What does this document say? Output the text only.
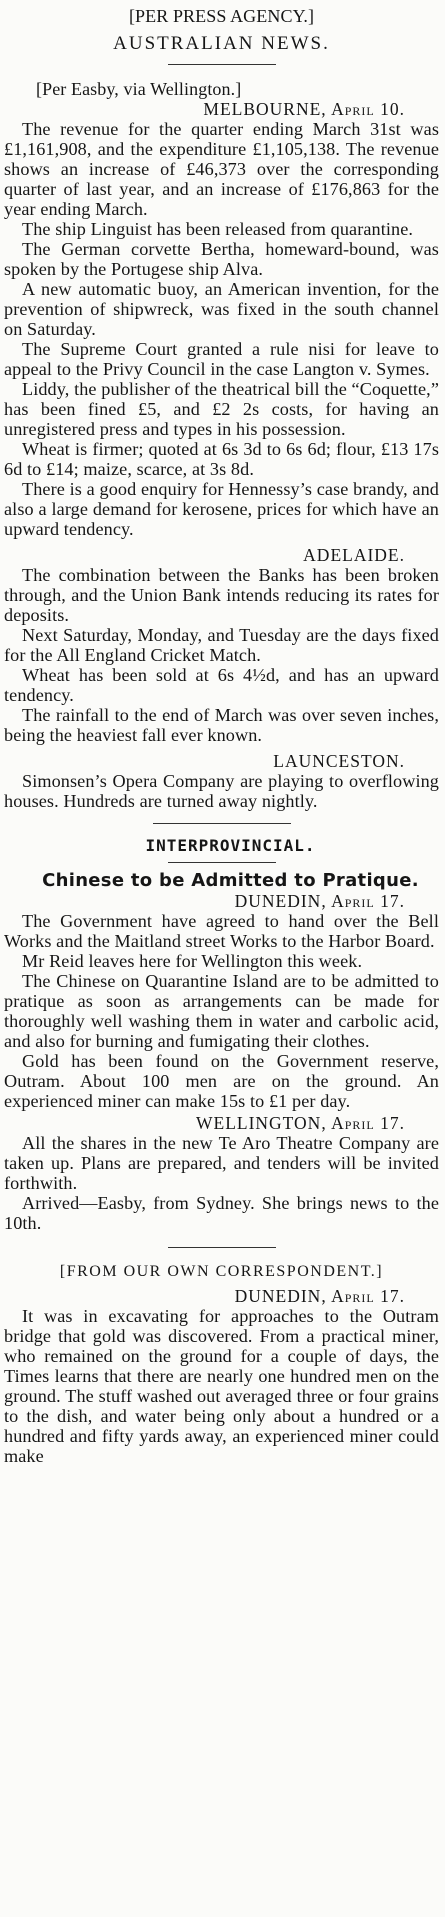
[PER PRESS AGENCY.]

AUSTRALIAN NEWS.

[Per Easby, via Wellington.]

MELBOURNE, April 10.

The revenue for the quarter ending March 31st was £1,161,908, and the expenditure £1,105,138. The revenue shows an increase of £46,373 over the corresponding quarter of last year, and an increase of £176,863 for the year ending March.

The ship Linguist has been released from quarantine.

The German corvette Bertha, homeward-bound, was spoken by the Portugese ship Alva.

A new automatic buoy, an American invention, for the prevention of shipwreck, was fixed in the south channel on Saturday.

The Supreme Court granted a rule nisi for leave to appeal to the Privy Council in the case Langton v. Symes.

Liddy, the publisher of the theatrical bill the “Coquette,” has been fined £5, and £2 2s costs, for having an unregistered press and types in his possession.

Wheat is firmer; quoted at 6s 3d to 6s 6d; flour, £13 17s 6d to £14; maize, scarce, at 3s 8d.

There is a good enquiry for Hennessy’s case brandy, and also a large demand for kerosene, prices for which have an upward tendency.

ADELAIDE.

The combination between the Banks has been broken through, and the Union Bank intends reducing its rates for deposits.

Next Saturday, Monday, and Tuesday are the days fixed for the All England Cricket Match.

Wheat has been sold at 6s 4½d, and has an upward tendency.

The rainfall to the end of March was over seven inches, being the heaviest fall ever known.

LAUNCESTON.

Simonsen’s Opera Company are playing to overflowing houses. Hundreds are turned away nightly.

INTERPROVINCIAL.

Chinese to be Admitted to Pratique.

DUNEDIN, April 17.

The Government have agreed to hand over the Bell Works and the Maitland street Works to the Harbor Board.

Mr Reid leaves here for Wellington this week.

The Chinese on Quarantine Island are to be admitted to pratique as soon as arrangements can be made for thoroughly well washing them in water and carbolic acid, and also for burning and fumigating their clothes.

Gold has been found on the Government reserve, Outram. About 100 men are on the ground. An experienced miner can make 15s to £1 per day.

WELLINGTON, April 17.

All the shares in the new Te Aro Theatre Company are taken up. Plans are prepared, and tenders will be invited forthwith.

Arrived—Easby, from Sydney. She brings news to the 10th.

[FROM OUR OWN CORRESPONDENT.]

DUNEDIN, April 17.

It was in excavating for approaches to the Outram bridge that gold was discovered. From a practical miner, who remained on the ground for a couple of days, the Times learns that there are nearly one hundred men on the ground. The stuff washed out averaged three or four grains to the dish, and water being only about a hundred or a hundred and fifty yards away, an experienced miner could make
